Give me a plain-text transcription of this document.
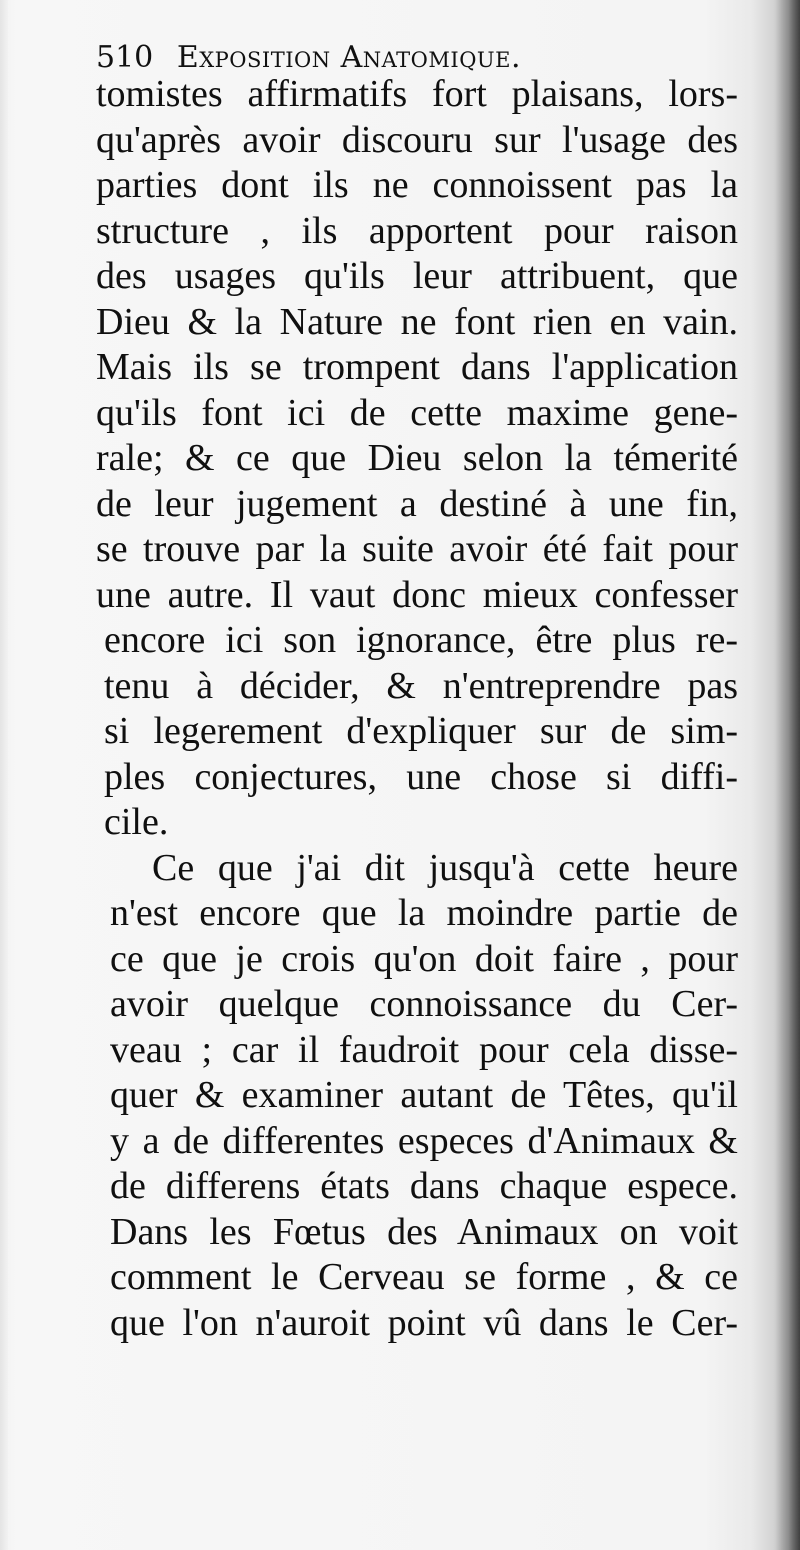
510 Exposition Anatomique.
tomistes affirmatifs fort plaisans, lors-
qu'après avoir discouru sur l'usage des
parties dont ils ne connoissent pas la
structure , ils apportent pour raison
des usages qu'ils leur attribuent, que
Dieu & la Nature ne font rien en vain.
Mais ils se trompent dans l'application
qu'ils font ici de cette maxime gene-
rale; & ce que Dieu selon la témerité
de leur jugement a destiné à une fin,
se trouve par la suite avoir été fait pour
une autre. Il vaut donc mieux confesser
encore ici son ignorance, être plus re-
tenu à décider, & n'entreprendre pas
si legerement d'expliquer sur de sim-
ples conjectures, une chose si diffi-
cile.
Ce que j'ai dit jusqu'à cette heure
n'est encore que la moindre partie de
ce que je crois qu'on doit faire , pour
avoir quelque connoissance du Cer-
veau ; car il faudroit pour cela disse-
quer & examiner autant de Têtes, qu'il
y a de differentes especes d'Animaux &
de differens états dans chaque espece.
Dans les Fœtus des Animaux on voit
comment le Cerveau se forme , & ce
que l'on n'auroit point vû dans le Cer-
